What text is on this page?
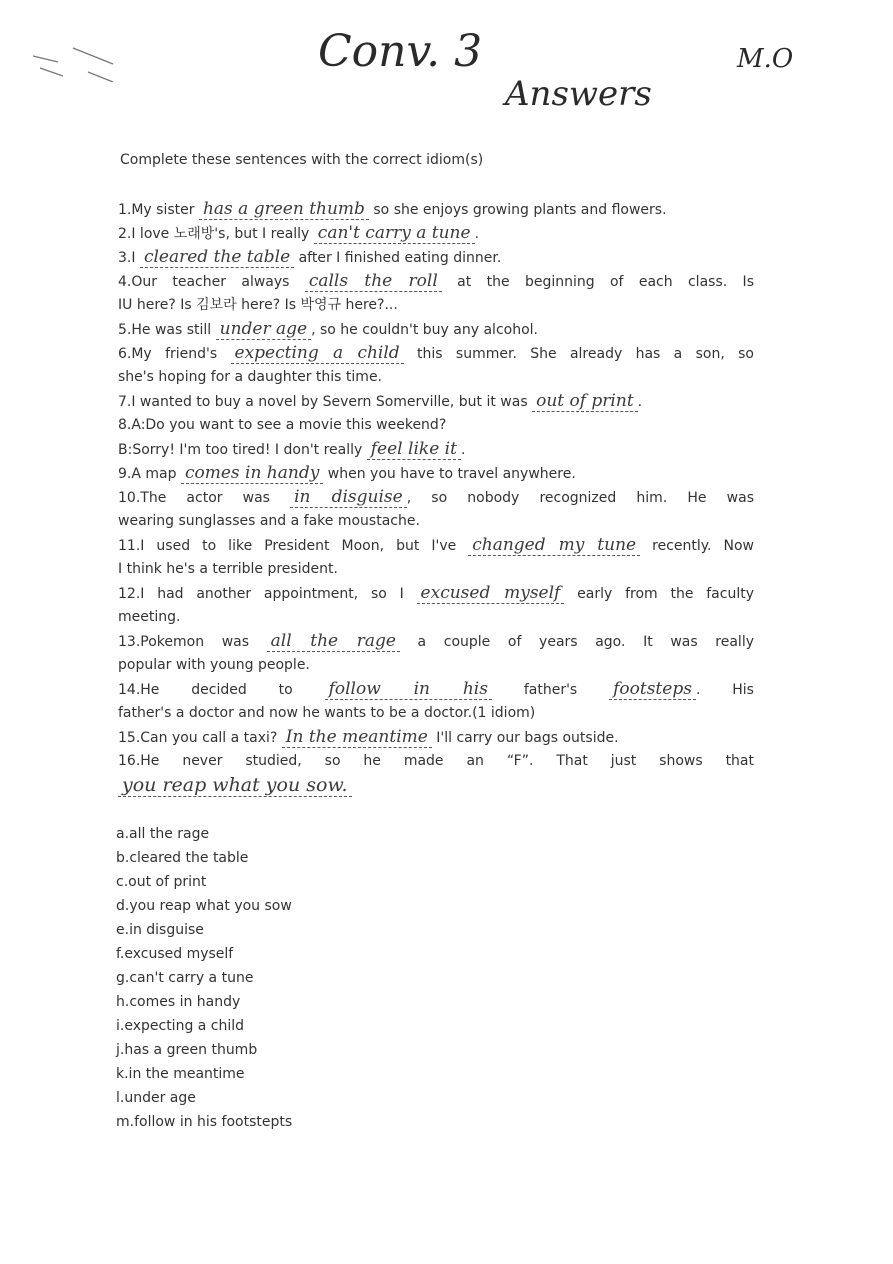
Conv. 3	M.O
Answers
Complete these sentences with the correct idiom(s)
1.My sister has a green thumb so she enjoys growing plants and flowers.
2.I love 노래방's, but I really can't carry a tune .
3.I cleared the table after I finished eating dinner.
4.Our teacher always calls the roll at the beginning of each class. Is
IU here? Is 김보라 here? Is 박영규 here?...
5.He was still under age , so he couldn't buy any alcohol.
6.My friend's expecting a child this summer. She already has a son, so
she's hoping for a daughter this time.
7.I wanted to buy a novel by Severn Somerville, but it was out of print .
8.A:Do you want to see a movie this weekend?
B:Sorry! I'm too tired! I don't really feel like it .
9.A map comes in handy when you have to travel anywhere.
10.The actor was in disguise , so nobody recognized him. He was
wearing sunglasses and a fake moustache.
11.I used to like President Moon, but I've changed my tune recently. Now
I think he's a terrible president.
12.I had another appointment, so I excused myself early from the faculty
meeting.
13.Pokemon was all the rage a couple of years ago. It was really
popular with young people.
14.He decided to follow in his father's footsteps . His
father's a doctor and now he wants to be a doctor.(1 idiom)
15.Can you call a taxi? In the meantime I'll carry our bags outside.
16.He never studied, so he made an “F”. That just shows that
you reap what you sow.
a.all the rage
b.cleared the table
c.out of print
d.you reap what you sow
e.in disguise
f.excused myself
g.can't carry a tune
h.comes in handy
i.expecting a child
j.has a green thumb
k.in the meantime
l.under age
m.follow in his footstepts
